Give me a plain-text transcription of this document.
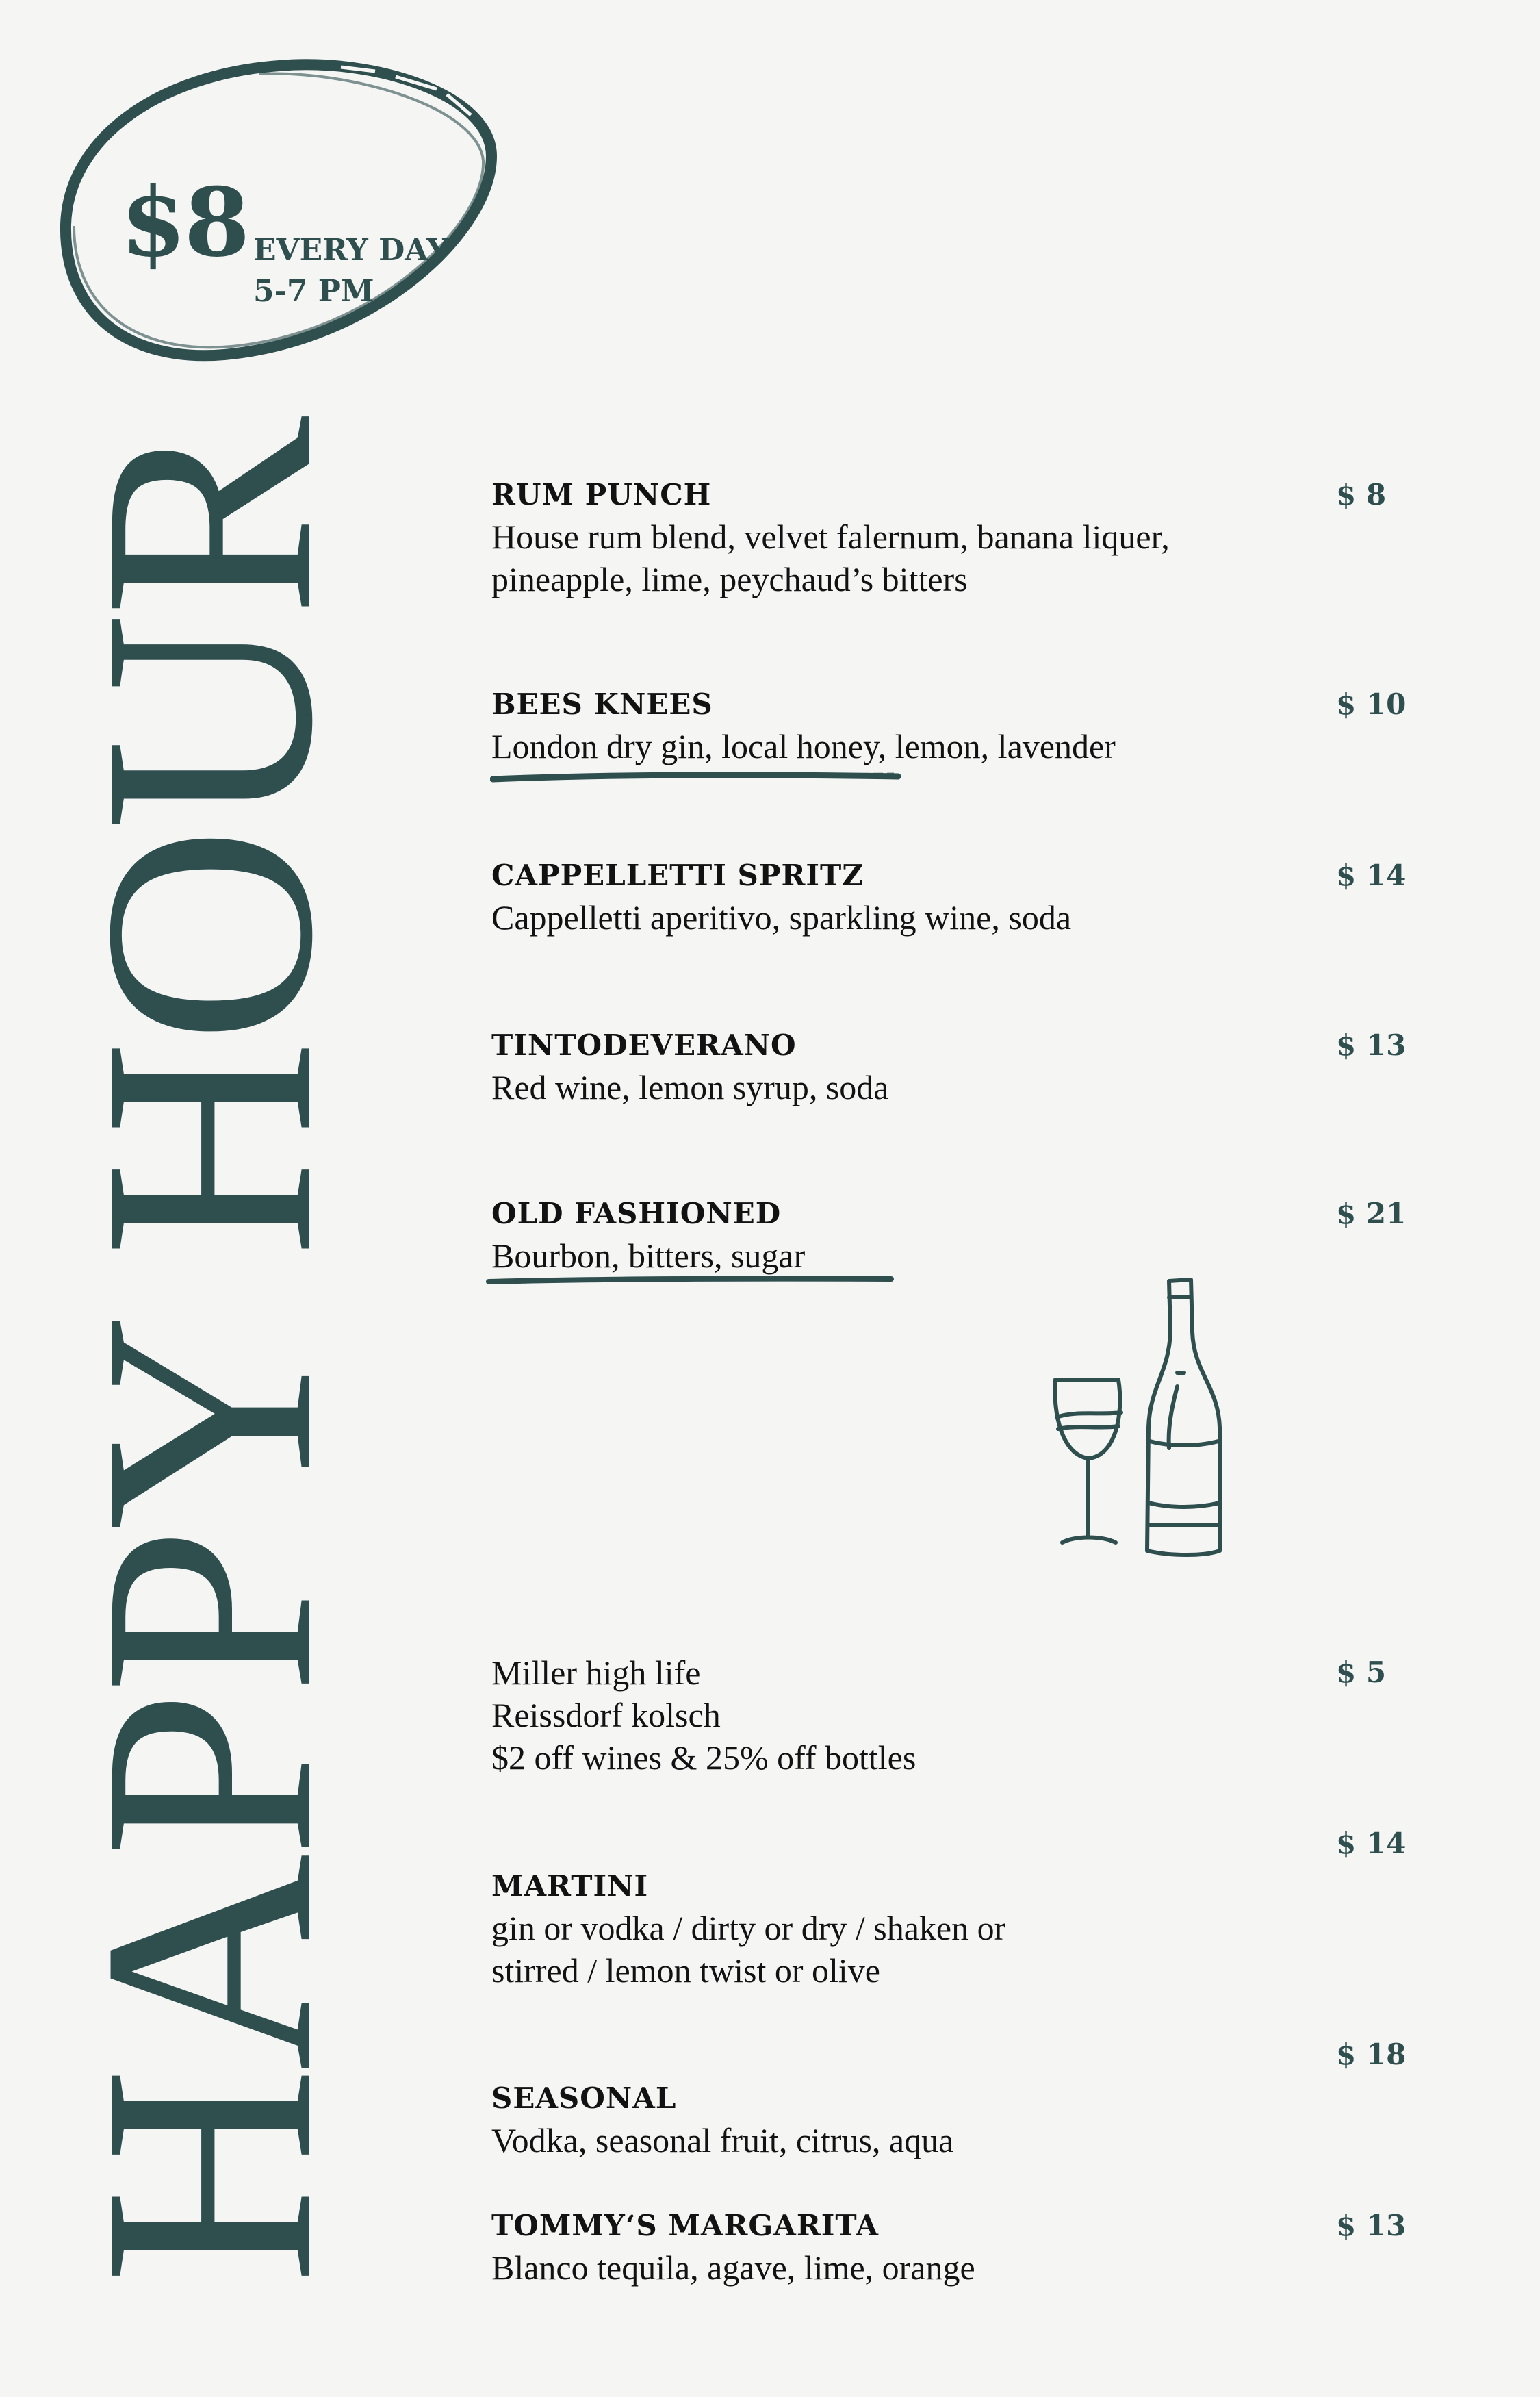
$8 EVERY DAY
5-7 PM
HAPPY HOUR	RUM PUNCH
House rum blend, velvet falernum, banana liquer, pineapple, lime, peychaud’s bitters
$ 8
BEES KNEES
London dry gin, local honey, lemon, lavender
$ 10
CAPPELLETTI SPRITZ
Cappelletti aperitivo, sparkling wine, soda
$ 14
TINTODEVERANO
Red wine, lemon syrup, soda
$ 13
OLD FASHIONED
Bourbon, bitters, sugar
$ 21
Miller high life
Reissdorf kolsch
$2 off wines & 25% off bottles
$ 5
$ 14
MARTINI
gin or vodka / dirty or dry / shaken or stirred / lemon twist or olive
$ 18
SEASONAL
Vodka, seasonal fruit, citrus, aqua
TOMMY‘S MARGARITA
Blanco tequila, agave, lime, orange
$ 13
